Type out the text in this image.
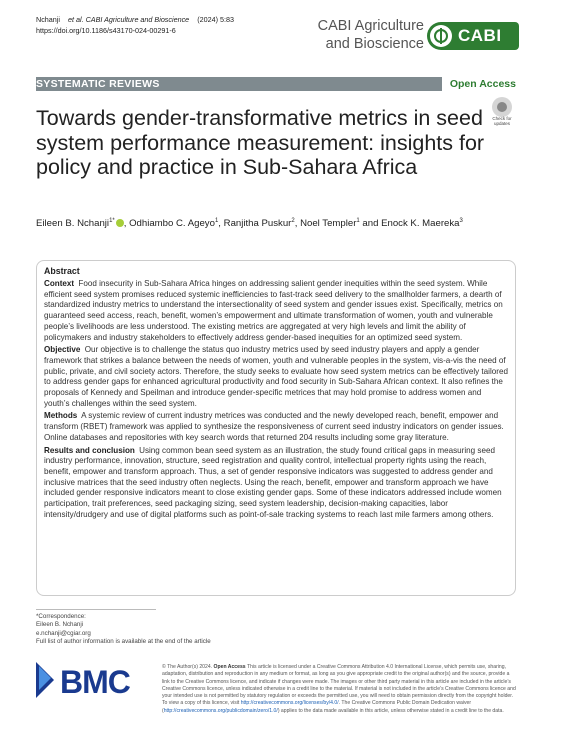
Nchanji et al. CABI Agriculture and Bioscience (2024) 5:83
https://doi.org/10.1186/s43170-024-00291-6	CABI Agriculture
and Bioscience CABI
SYSTEMATIC REVIEWS	Open Access
Towards gender-transformative metrics in seed system performance measurement: insights for policy and practice in Sub-Sahara Africa
Check for updates
Eileen B. Nchanji$^{1*}$ , Odhiambo C. Ageyo$^1$, Ranjitha Puskur$^2$, Noel Templer$^1$ and Enock K. Maereka$^3$
Abstract

Context Food insecurity in Sub-Sahara Africa hinges on addressing salient gender inequities within the seed system. While efficient seed system promises reduced systemic inefficiencies to fast-track seed delivery to the smallholder farmers, a dearth of standardized industry metrics to understand the intersectionality of seed system and gender issues exist. Specifically, metrics on guaranteed seed access, reach, benefit, women’s empowerment and ultimate transformation of women, youth and vulnerable people’s livelihoods are less understood. The existing metrics are aggregated at very high levels and limit the ability of policymakers and industry stakeholders to effectively address gender-based inequities for an optimized seed system.

Objective Our objective is to challenge the status quo industry metrics used by seed industry players and apply a gender framework that strikes a balance between the needs of women, youth and vulnerable peoples in the system, vis-a-vis the need of public, private, and civil society actors. Therefore, the study seeks to evaluate how seed system metrics can be effectively tailored to address gender gaps for enhanced agricultural productivity and food security in Sub-Sahara African context. It also refines the proposals of Kennedy and Speilman and introduce gender-specific metrices that may hold promise to address women and youth’s challenges within the seed system.

Methods A systemic review of current industry metrices was conducted and the newly developed reach, benefit, empower and transform (RBET) framework was applied to synthesize the responsiveness of current seed industry indicators on gender issues. Online databases and repositories with key search words that returned 204 results including some gray literature.

Results and conclusion Using common bean seed system as an illustration, the study found critical gaps in measuring seed industry performance, innovation, structure, seed registration and quality control, intellectual property rights using the reach, benefit, empower and transform approach. Thus, a set of gender responsive indicators was suggested to address gender and inclusive matrices that the seed industry often neglects. Using the reach, benefit, empower and transform approach we have included gender responsive indicators meant to close existing gender gaps. Some of these indicators addressed include women participation, trait preferences, seed packaging sizing, seed system leadership, decision-making capacities, labor intensity/drudgery and use of digital platforms such as point-of-sale tracking systems to reach last mile farmers among others.

*Correspondence:
Eileen B. Nchanji
e.nchanji@cgiar.org
Full list of author information is available at the end of the article
BMC	© The Author(s) 2024. Open Access This article is licensed under a Creative Commons Attribution 4.0 International License, which permits use, sharing, adaptation, distribution and reproduction in any medium or format, as long as you give appropriate credit to the original author(s) and the source, provide a link to the Creative Commons licence, and indicate if changes were made. The images or other third party material in this article are included in the article’s Creative Commons licence, unless indicated otherwise in a credit line to the material. If material is not included in the article’s Creative Commons licence and your intended use is not permitted by statutory regulation or exceeds the permitted use, you will need to obtain permission directly from the copyright holder. To view a copy of this licence, visit http://creativecommons.org/licenses/by/4.0/. The Creative Commons Public Domain Dedication waiver (http://creativecommons.org/publicdomain/zero/1.0/) applies to the data made available in this article, unless otherwise stated in a credit line to the data.
